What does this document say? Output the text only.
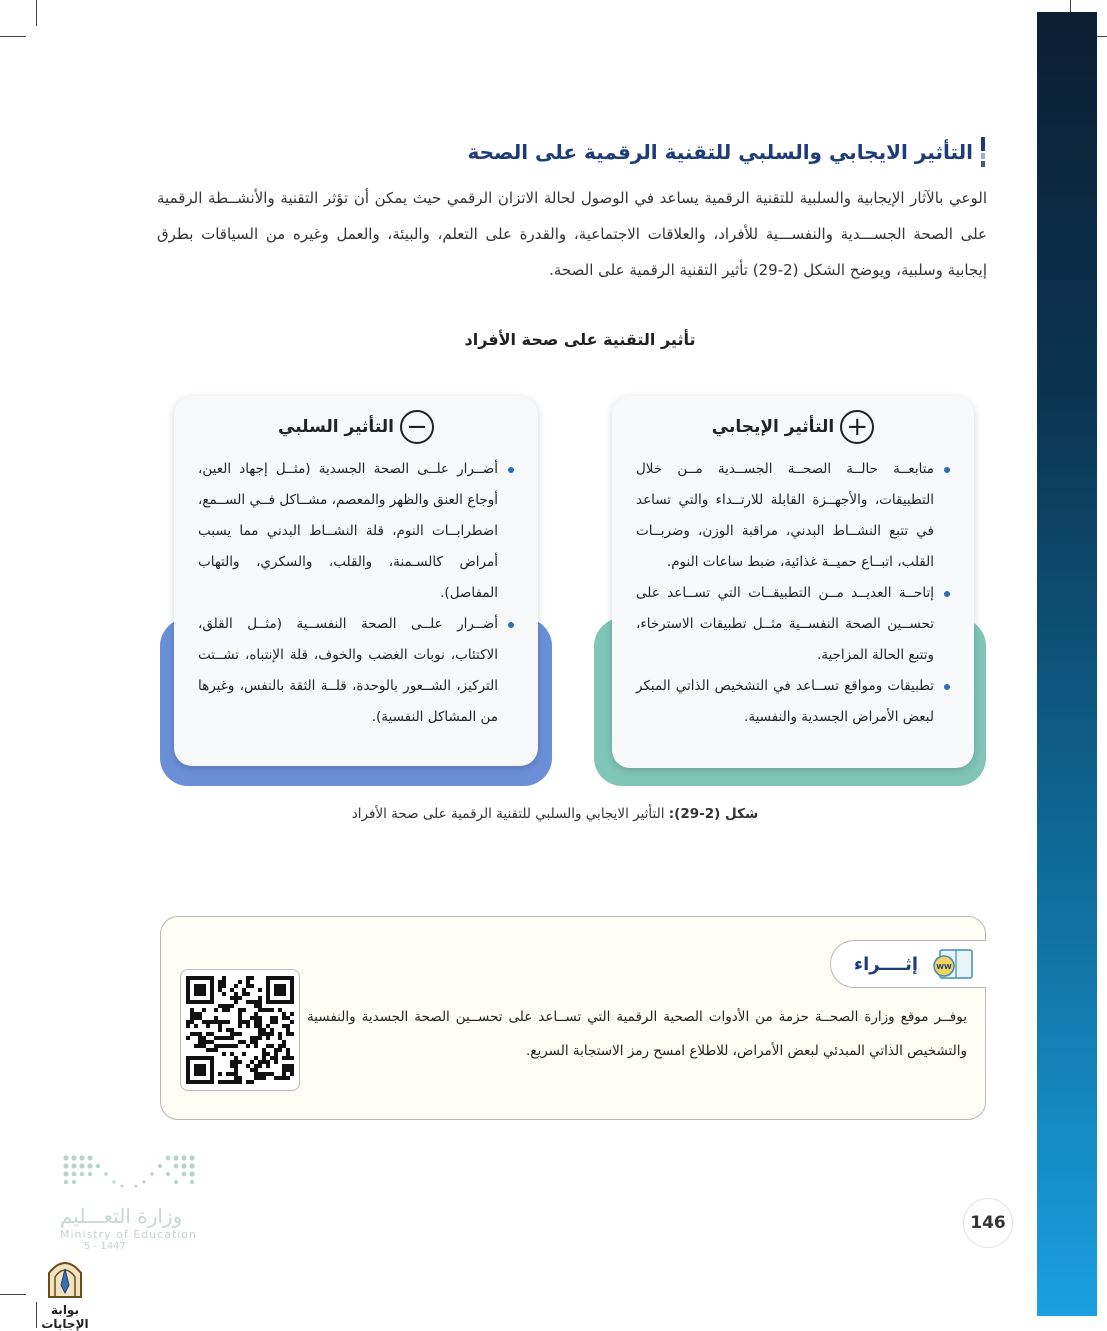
التأثير الايجابي والسلبي للتقنية الرقمية على الصحة
الوعي بالآثار الإيجابية والسلبية للتقنية الرقمية يساعد في الوصول لحالة الاتزان الرقمي حيث يمكن أن تؤثر التقنية والأنشــطة الرقمية على الصحة الجســـدية والنفســـية للأفراد، والعلاقات الاجتماعية، والقدرة على التعلم، والبيئة، والعمل وغيره من السياقات بطرق إيجابية وسلبية، ويوضح الشكل (2-29) تأثير التقنية الرقمية على الصحة.
تأثير التقنية على صحة الأفراد
−
التأثير السلبي
أضــرار علــى الصحة الجسدية (مثــل إجهاد العين، أوجاع العنق والظهر والمعصم، مشــاكل فــي الســمع، اضطرابــات النوم، قلة النشــاط البدني مما يسبب أمراض كالسـمنة، والقلب، والسكري، والتهاب المفاصل).
أضــرار علــى الصحة النفســية (مثــل القلق، الاكتئاب، نوبات الغضب والخوف، قلة الإنتباه، تشــتت التركيز، الشــعور بالوحدة، قلــة الثقة بالنفس، وغيرها من المشاكل النفسية).
+
التأثير الإيجابي
متابعــة حالــة الصحــة الجســدية مــن خلال التطبيقات، والأجهــزة القابلة للارتــداء والتي تساعد في تتبع النشــاط البدني، مراقبة الوزن، وضربــات القلب، اتبــاع حميــة غذائية، ضبط ساعات النوم.
إتاحــة العديــد مــن التطبيقــات التي تســاعد على تحســين الصحة النفســية مثــل تطبيقات الاسترخاء، وتتبع الحالة المزاجية.
تطبيقات ومواقع تســاعد في التشخيص الذاتي المبكر لبعض الأمراض الجسدية والنفسية.
شكل (2-29): التأثير الايجابي والسلبي للتقنية الرقمية على صحة الأفراد
WW
إثــــراء
يوفــر موقع وزارة الصحــة حزمة من الأدوات الصحية الرقمية التي تســاعد على تحســين الصحة الجسدية والنفسية والتشخيص الذاتي المبدئي لبعض الأمراض، للاطلاع امسح رمز الاستجابة السريع.
146
وزارة التعـــليم
Ministry of Education
5 - 1447
بوابة الإجابات
